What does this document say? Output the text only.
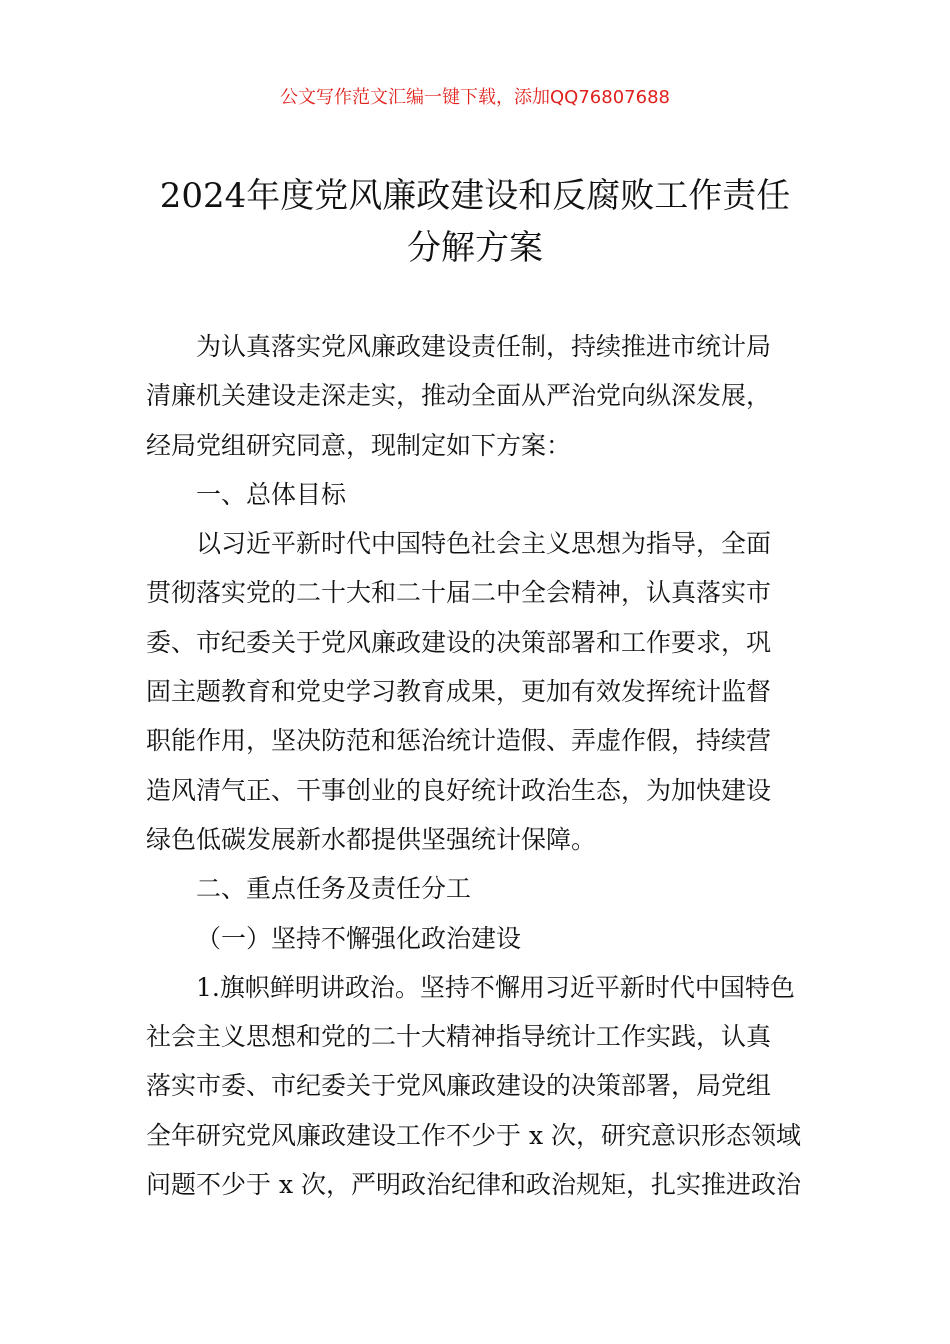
公文写作范文汇编一键下载，添加QQ76807688
2024年度党风廉政建设和反腐败工作责任
分解方案
为认真落实党风廉政建设责任制，持续推进市统计局
清廉机关建设走深走实，推动全面从严治党向纵深发展，
经局党组研究同意，现制定如下方案：
一、总体目标
以习近平新时代中国特色社会主义思想为指导，全面
贯彻落实党的二十大和二十届二中全会精神，认真落实市
委、市纪委关于党风廉政建设的决策部署和工作要求，巩
固主题教育和党史学习教育成果，更加有效发挥统计监督
职能作用，坚决防范和惩治统计造假、弄虚作假，持续营
造风清气正、干事创业的良好统计政治生态，为加快建设
绿色低碳发展新水都提供坚强统计保障。
二、重点任务及责任分工
（一）坚持不懈强化政治建设
1.旗帜鲜明讲政治。坚持不懈用习近平新时代中国特色
社会主义思想和党的二十大精神指导统计工作实践，认真
落实市委、市纪委关于党风廉政建设的决策部署，局党组
全年研究党风廉政建设工作不少于 x 次，研究意识形态领域
问题不少于 x 次，严明政治纪律和政治规矩，扎实推进政治
